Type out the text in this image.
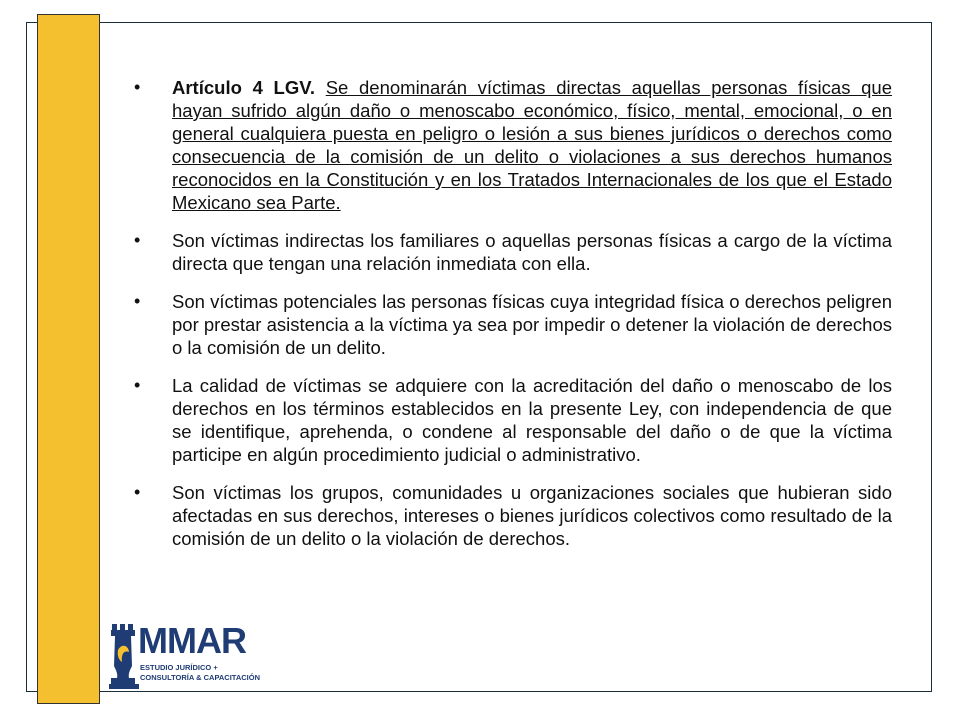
• Artículo 4 LGV. Se denominarán víctimas directas aquellas personas físicas que hayan sufrido algún daño o menoscabo económico, físico, mental, emocional, o en general cualquiera puesta en peligro o lesión a sus bienes jurídicos o derechos como consecuencia de la comisión de un delito o violaciones a sus derechos humanos reconocidos en la Constitución y en los Tratados Internacionales de los que el Estado Mexicano sea Parte.
• Son víctimas indirectas los familiares o aquellas personas físicas a cargo de la víctima directa que tengan una relación inmediata con ella.
• Son víctimas potenciales las personas físicas cuya integridad física o derechos peligren por prestar asistencia a la víctima ya sea por impedir o detener la violación de derechos o la comisión de un delito.
• La calidad de víctimas se adquiere con la acreditación del daño o menoscabo de los derechos en los términos establecidos en la presente Ley, con independencia de que se identifique, aprehenda, o condene al responsable del daño o de que la víctima participe en algún procedimiento judicial o administrativo.
• Son víctimas los grupos, comunidades u organizaciones sociales que hubieran sido afectadas en sus derechos, intereses o bienes jurídicos colectivos como resultado de la comisión de un delito o la violación de derechos.
MMAR
ESTUDIO JURÍDICO +
CONSULTORÍA & CAPACITACIÓN
